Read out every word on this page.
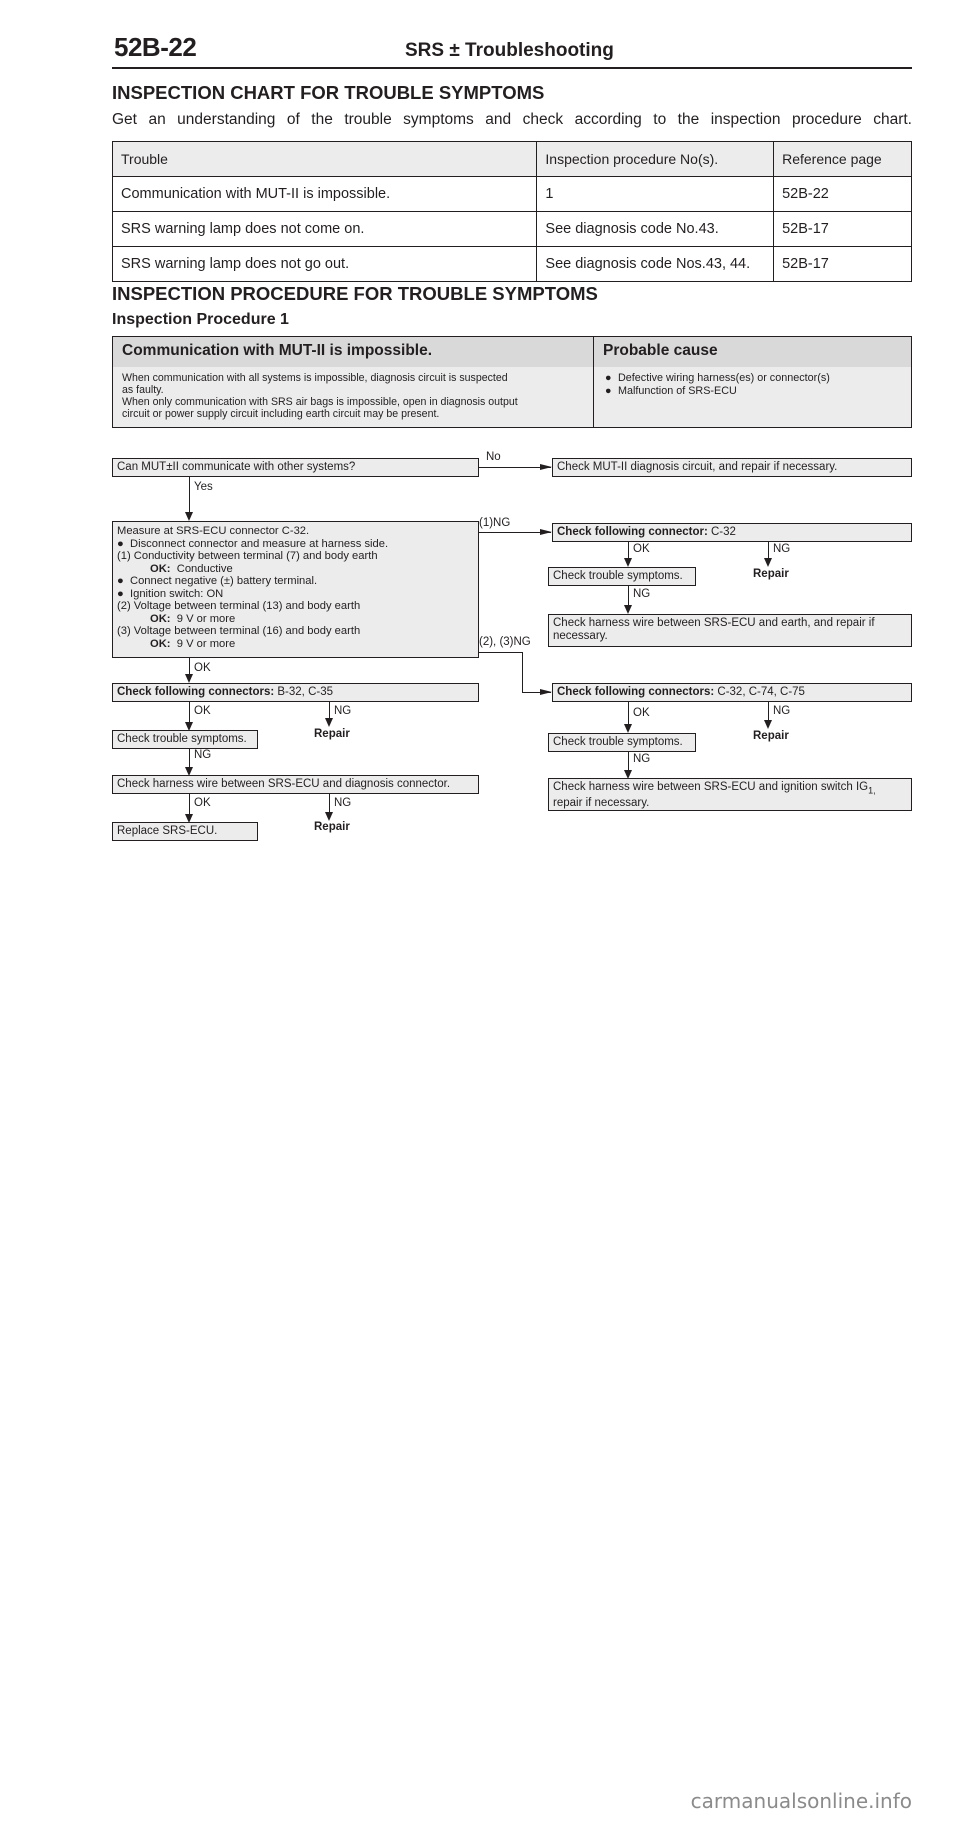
52B-22	SRS ± Troubleshooting
INSPECTION CHART FOR TROUBLE SYMPTOMS
Get an understanding of the trouble symptoms and check according to the inspection procedure chart.
Trouble	Inspection procedure No(s).	Reference page
Communication with MUT-II is impossible.	1	52B-22
SRS warning lamp does not come on.	See diagnosis code No.43.	52B-17
SRS warning lamp does not go out.	See diagnosis code Nos.43, 44.	52B-17
INSPECTION PROCEDURE FOR TROUBLE SYMPTOMS
Inspection Procedure 1
Communication with MUT-II is impossible.	Probable cause
When communication with all systems is impossible, diagnosis circuit is suspected
as faulty.
When only communication with SRS air bags is impossible, open in diagnosis output
circuit or power supply circuit including earth circuit may be present.
● Defective wiring harness(es) or connector(s)
● Malfunction of SRS-ECU
Can MUT±II communicate with other systems?
No
Check MUT-II diagnosis circuit, and repair if necessary.
Yes
Measure at SRS-ECU connector C-32.
● Disconnect connector and measure at harness side.
(1) Conductivity between terminal (7) and body earth
OK: Conductive
● Connect negative (±) battery terminal.
● Ignition switch: ON
(2) Voltage between terminal (13) and body earth
OK: 9 V or more
(3) Voltage between terminal (16) and body earth
OK: 9 V or more
(1)NG
Check following connector: C-32
OK	NG
Repair
Check trouble symptoms.
NG
Check harness wire between SRS-ECU and earth, and repair if necessary.
(2), (3)NG
Check following connectors: C-32, C-74, C-75
OK	NG
Repair
Check trouble symptoms.
NG
Check harness wire between SRS-ECU and ignition switch $IG_{1,}$
repair if necessary.
OK
Check following connectors: B-32, C-35
OK	NG
Repair
Check trouble symptoms.
NG
Check harness wire between SRS-ECU and diagnosis connector.
OK	NG
Repair
Replace SRS-ECU.
carmanualsonline.info
